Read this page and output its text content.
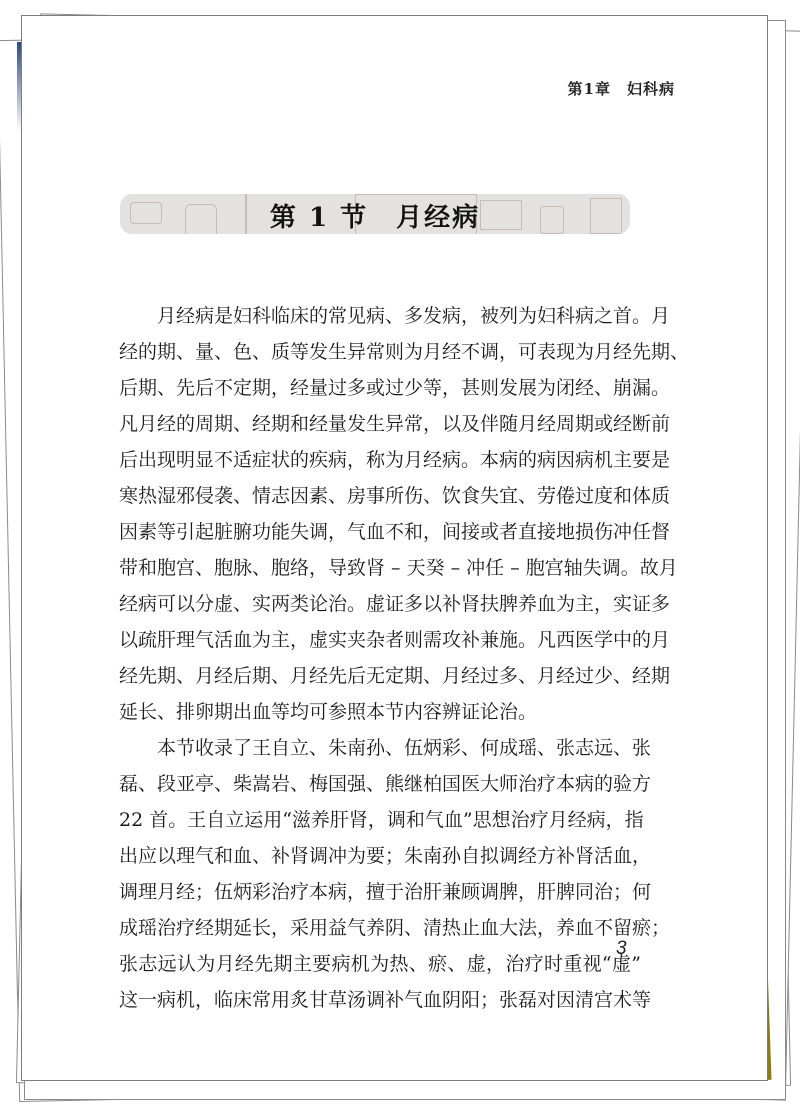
第1章　妇科病
第 1 节　月经病
月经病是妇科临床的常见病、多发病，被列为妇科病之首。月
经的期、量、色、质等发生异常则为月经不调，可表现为月经先期、
后期、先后不定期，经量过多或过少等，甚则发展为闭经、崩漏。
凡月经的周期、经期和经量发生异常，以及伴随月经周期或经断前
后出现明显不适症状的疾病，称为月经病。本病的病因病机主要是
寒热湿邪侵袭、情志因素、房事所伤、饮食失宜、劳倦过度和体质
因素等引起脏腑功能失调，气血不和，间接或者直接地损伤冲任督
带和胞宫、胞脉、胞络，导致肾 – 天癸 – 冲任 – 胞宫轴失调。故月
经病可以分虚、实两类论治。虚证多以补肾扶脾养血为主，实证多
以疏肝理气活血为主，虚实夹杂者则需攻补兼施。凡西医学中的月
经先期、月经后期、月经先后无定期、月经过多、月经过少、经期
延长、排卵期出血等均可参照本节内容辨证论治。
本节收录了王自立、朱南孙、伍炳彩、何成瑶、张志远、张
磊、段亚亭、柴嵩岩、梅国强、熊继柏国医大师治疗本病的验方
22 首。王自立运用“滋养肝肾，调和气血”思想治疗月经病，指
出应以理气和血、补肾调冲为要；朱南孙自拟调经方补肾活血，
调理月经；伍炳彩治疗本病，擅于治肝兼顾调脾，肝脾同治；何
成瑶治疗经期延长，采用益气养阴、清热止血大法，养血不留瘀；
张志远认为月经先期主要病机为热、瘀、虚，治疗时重视“虚”
这一病机，临床常用炙甘草汤调补气血阴阳；张磊对因清宫术等
3
